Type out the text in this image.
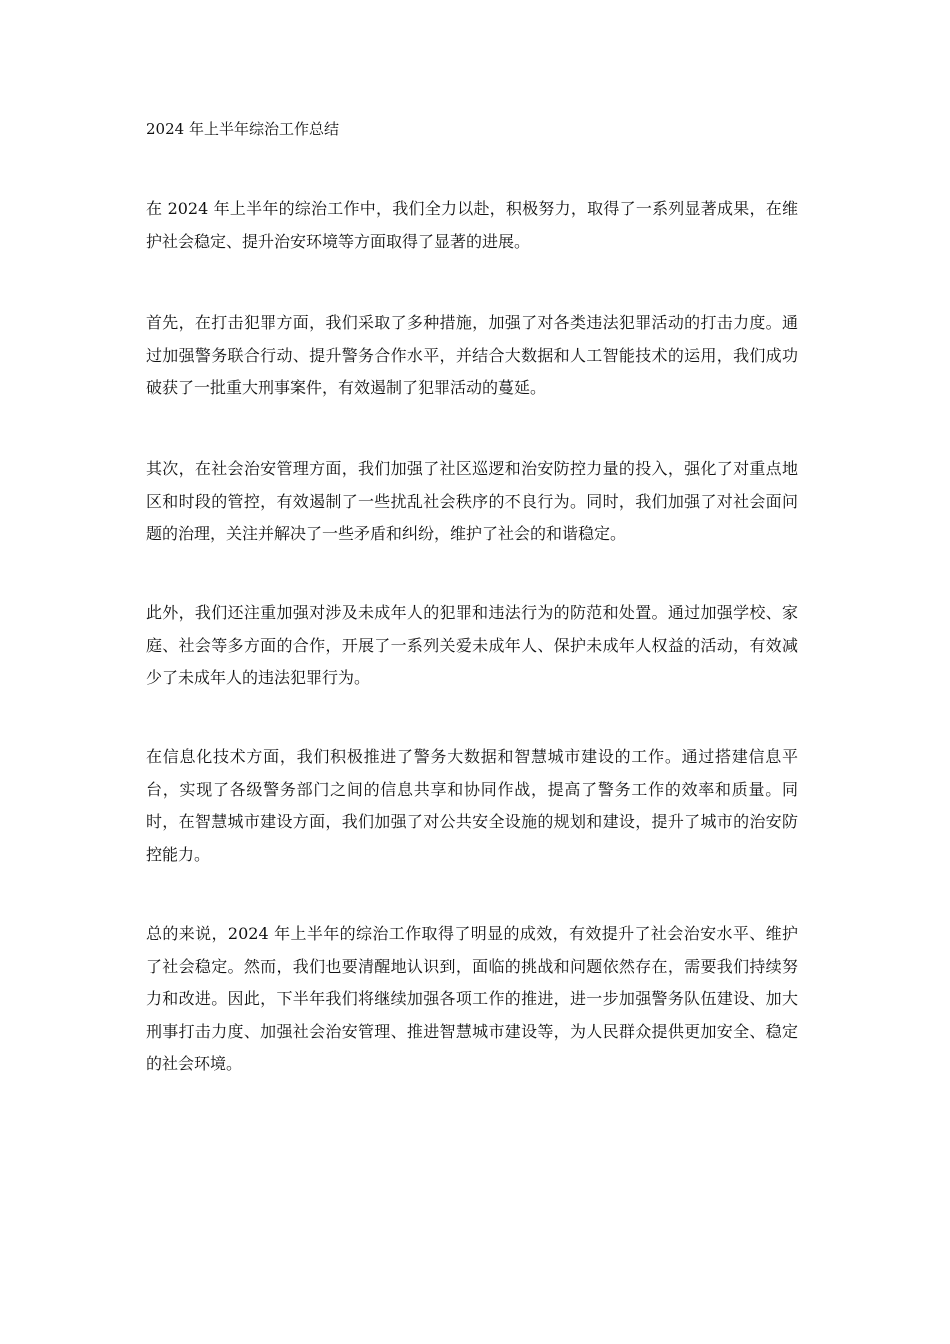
2024 年上半年综治工作总结

在 2024 年上半年的综治工作中，我们全力以赴，积极努力，取得了一系列显著成果，在维护社会稳定、提升治安环境等方面取得了显著的进展。

首先，在打击犯罪方面，我们采取了多种措施，加强了对各类违法犯罪活动的打击力度。通过加强警务联合行动、提升警务合作水平，并结合大数据和人工智能技术的运用，我们成功破获了一批重大刑事案件，有效遏制了犯罪活动的蔓延。

其次，在社会治安管理方面，我们加强了社区巡逻和治安防控力量的投入，强化了对重点地区和时段的管控，有效遏制了一些扰乱社会秩序的不良行为。同时，我们加强了对社会面问题的治理，关注并解决了一些矛盾和纠纷，维护了社会的和谐稳定。

此外，我们还注重加强对涉及未成年人的犯罪和违法行为的防范和处置。通过加强学校、家庭、社会等多方面的合作，开展了一系列关爱未成年人、保护未成年人权益的活动，有效减少了未成年人的违法犯罪行为。

在信息化技术方面，我们积极推进了警务大数据和智慧城市建设的工作。通过搭建信息平台，实现了各级警务部门之间的信息共享和协同作战，提高了警务工作的效率和质量。同时，在智慧城市建设方面，我们加强了对公共安全设施的规划和建设，提升了城市的治安防控能力。

总的来说，2024 年上半年的综治工作取得了明显的成效，有效提升了社会治安水平、维护了社会稳定。然而，我们也要清醒地认识到，面临的挑战和问题依然存在，需要我们持续努力和改进。因此，下半年我们将继续加强各项工作的推进，进一步加强警务队伍建设、加大刑事打击力度、加强社会治安管理、推进智慧城市建设等，为人民群众提供更加安全、稳定的社会环境。
